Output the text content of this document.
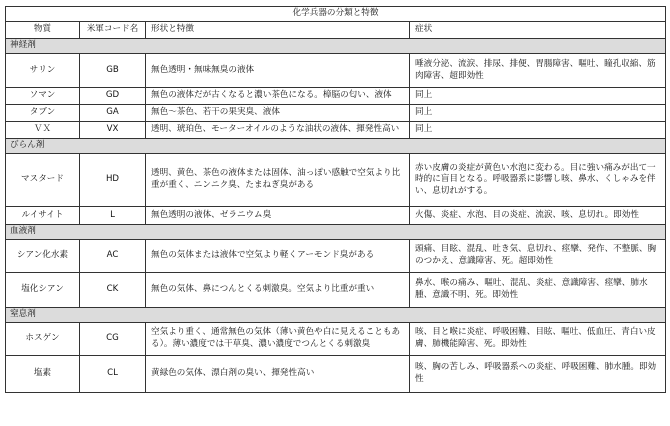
化学兵器の分類と特徴			
物質	米軍コード名	形状と特徴	症状
神経剤			
サリン	GB	無色透明・無味無臭の液体	唾液分泌、流涙、排尿、排便、胃腸障害、嘔吐、瞳孔収縮、筋肉障害、超即効性
ソマン	GD	無色の液体だが古くなると濃い茶色になる。樟脳の匂い、液体	同上
タブン	GA	無色～茶色、若干の果実臭、液体	同上
ＶＸ	VX	透明、琥珀色、モーターオイルのような油状の液体、揮発性高い	同上
びらん剤			
マスタード	HD	透明、黄色、茶色の液体または固体、油っぽい感触で空気より比重が重く、ニンニク臭、たまねぎ臭がある	赤い皮膚の炎症が黄色い水泡に変わる。目に強い痛みが出て一時的に盲目となる。呼吸器系に影響し咳、鼻水、くしゃみを伴い、息切れがする。
ルイサイト	L	無色透明の液体、ゼラニウム臭	火傷、炎症、水泡、目の炎症、流涙、咳、息切れ。即効性
血液剤			
シアン化水素	AC	無色の気体または液体で空気より軽くアーモンド臭がある	頭痛、目眩、混乱、吐き気、息切れ、痙攣、発作、不整脈、胸のつかえ、意識障害、死。超即効性
塩化シアン	CK	無色の気体、鼻につんとくる刺激臭。空気より比重が重い	鼻水、喉の痛み、嘔吐、混乱、炎症、意識障害、痙攣、肺水腫、意識不明、死。即効性
窒息剤			
ホスゲン	CG	空気より重く、通常無色の気体（薄い黄色や白に見えることもある）。薄い濃度では干草臭、濃い濃度でつんとくる刺激臭	咳、目と喉に炎症、呼吸困難、目眩、嘔吐、低血圧、青白い皮膚、肺機能障害、死。即効性
塩素	CL	黄緑色の気体、漂白剤の臭い、揮発性高い	咳、胸の苦しみ、呼吸器系への炎症、呼吸困難、肺水腫。即効性
